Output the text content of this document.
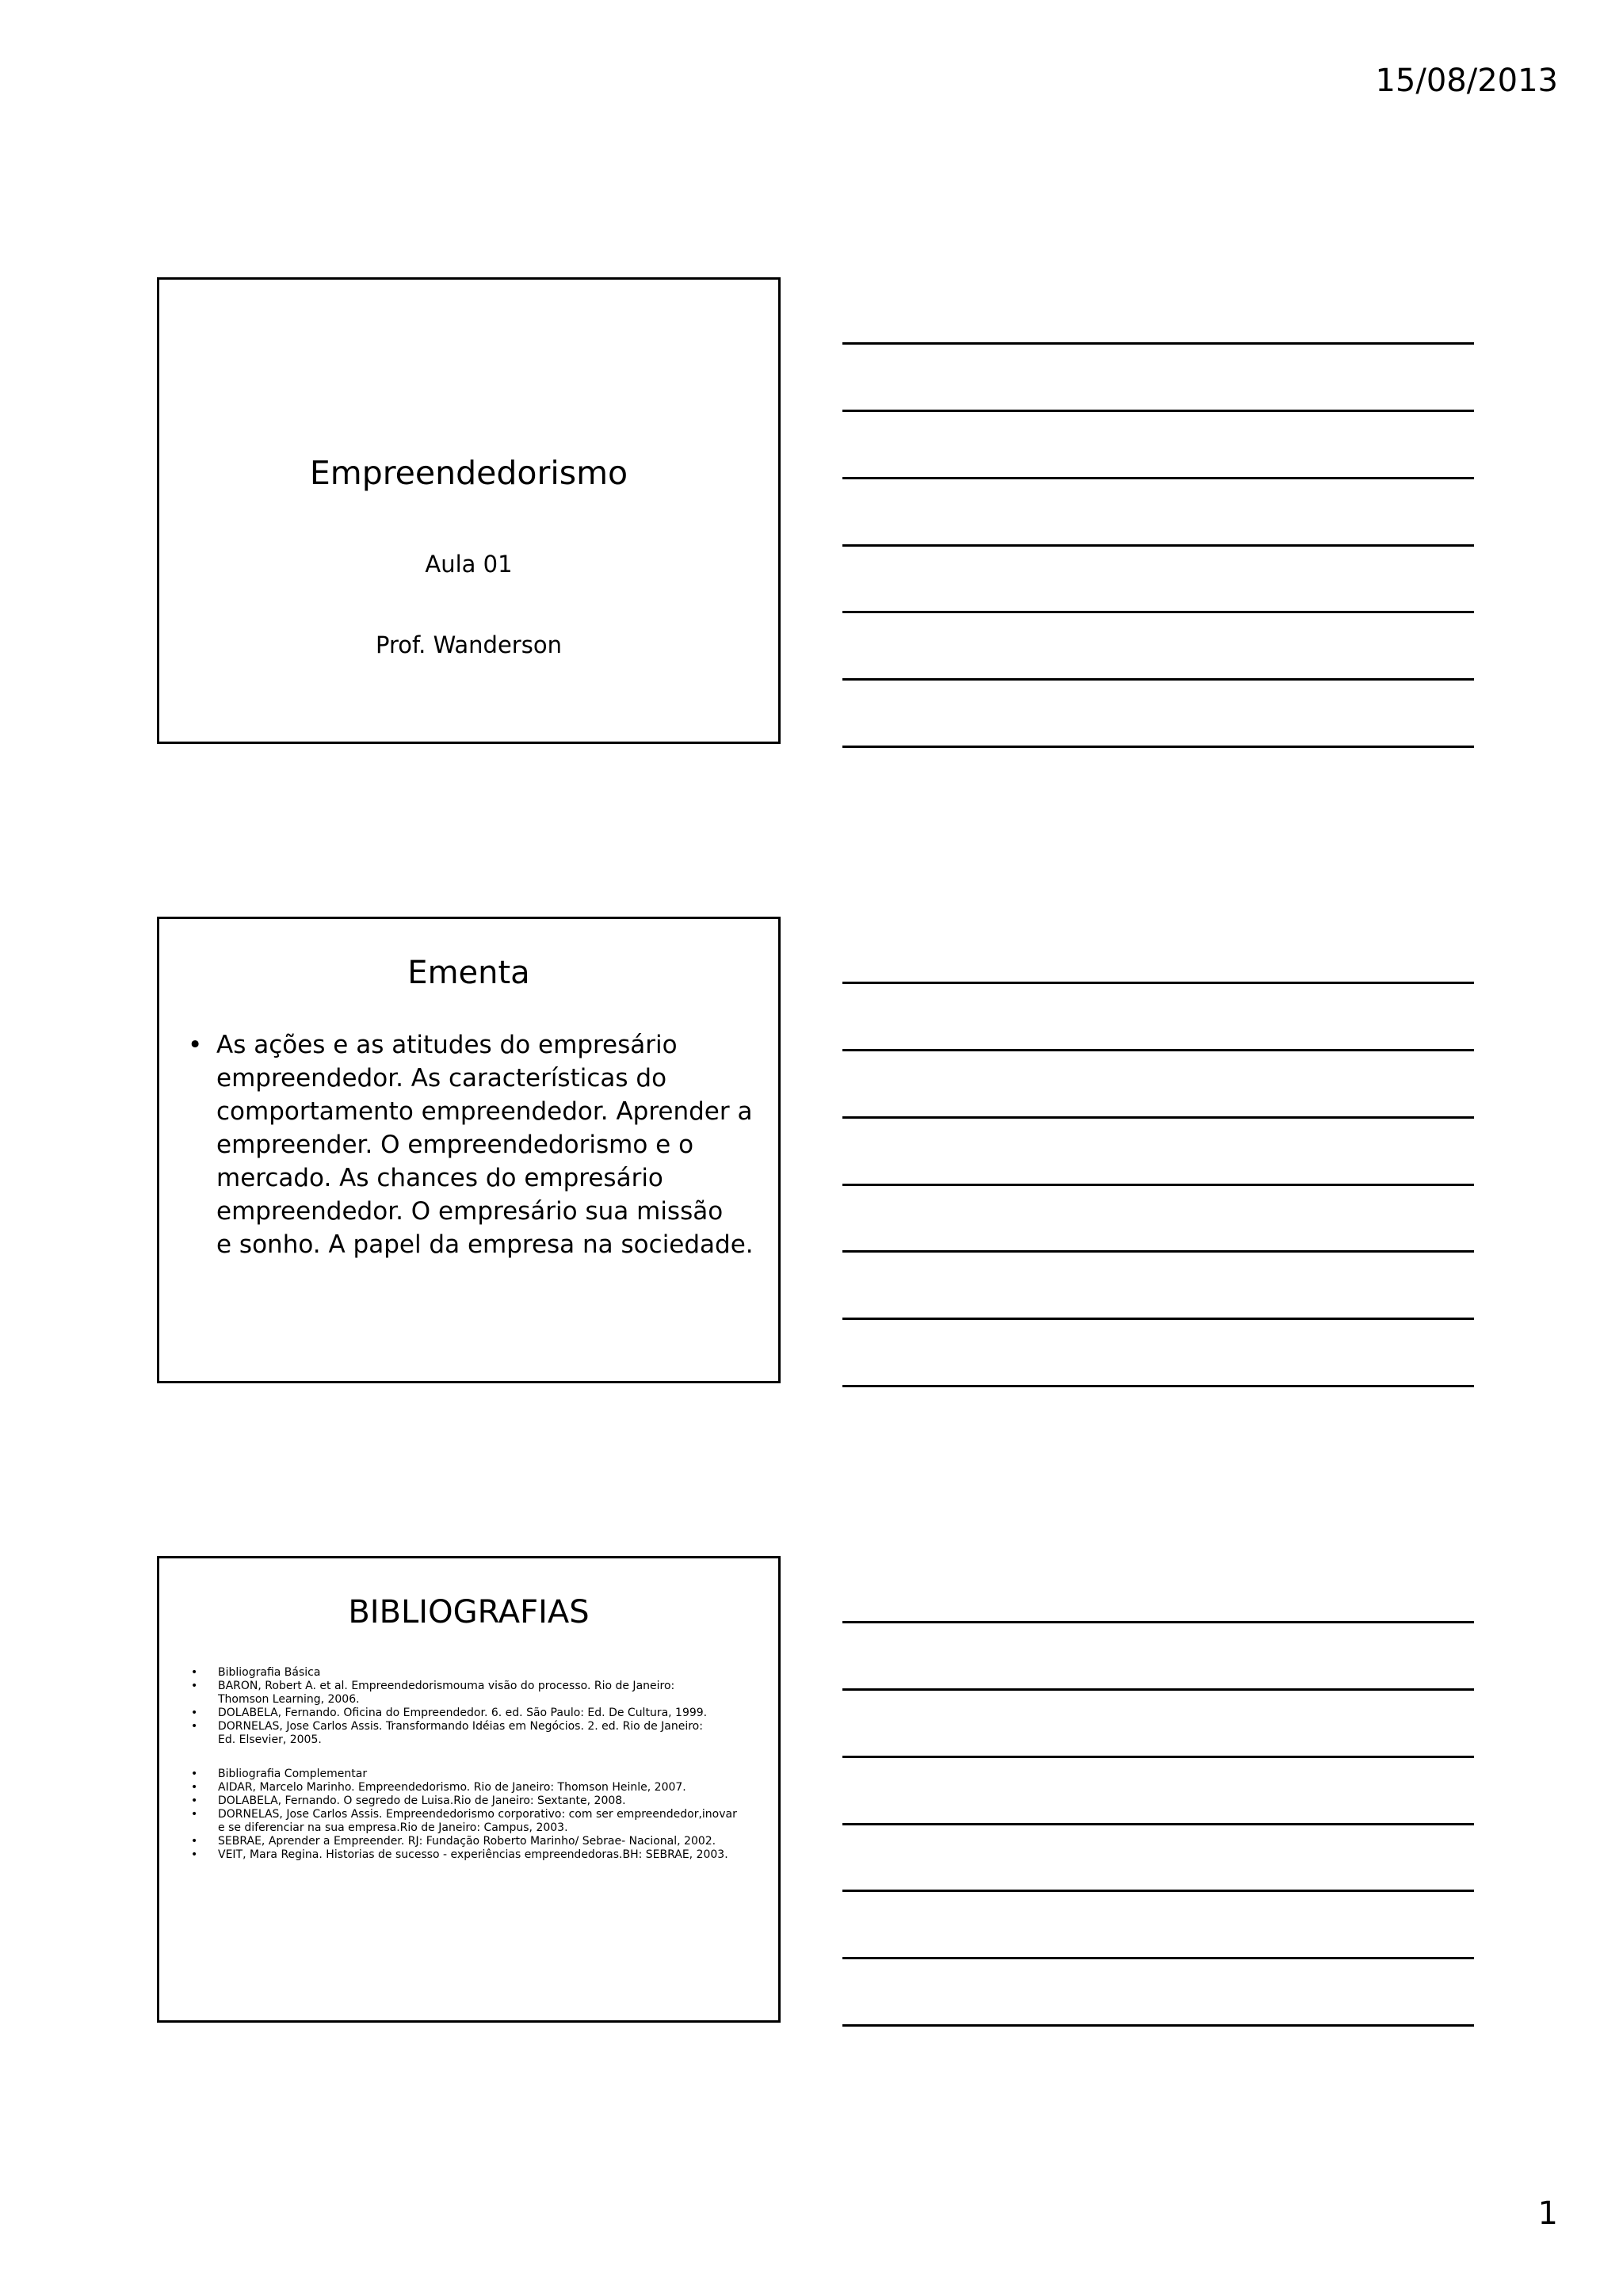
15/08/2013
Empreendedorismo
Aula 01
Prof. Wanderson
Ementa
• As ações e as atitudes do empresário
empreendedor. As características do
comportamento empreendedor. Aprender a
empreender. O empreendedorismo e o
mercado. As chances do empresário
empreendedor. O empresário sua missão
e sonho. A papel da empresa na sociedade.
BIBLIOGRAFIAS
•	Bibliografia Básica
•	BARON, Robert A. et al. Empreendedorismouma visão do processo. Rio de Janeiro:
Thomson Learning, 2006.
•	DOLABELA, Fernando. Oficina do Empreendedor. 6. ed. São Paulo: Ed. De Cultura, 1999.
•	DORNELAS, Jose Carlos Assis. Transformando Idéias em Negócios. 2. ed. Rio de Janeiro:
Ed. Elsevier, 2005.
•	Bibliografia Complementar
•	AIDAR, Marcelo Marinho. Empreendedorismo. Rio de Janeiro: Thomson Heinle, 2007.
•	DOLABELA, Fernando. O segredo de Luisa.Rio de Janeiro: Sextante, 2008.
•	DORNELAS, Jose Carlos Assis. Empreendedorismo corporativo: com ser empreendedor,inovar
e se diferenciar na sua empresa.Rio de Janeiro: Campus, 2003.
•	SEBRAE, Aprender a Empreender. RJ: Fundação Roberto Marinho/ Sebrae- Nacional, 2002.
•	VEIT, Mara Regina. Historias de sucesso - experiências empreendedoras.BH: SEBRAE, 2003.
1
